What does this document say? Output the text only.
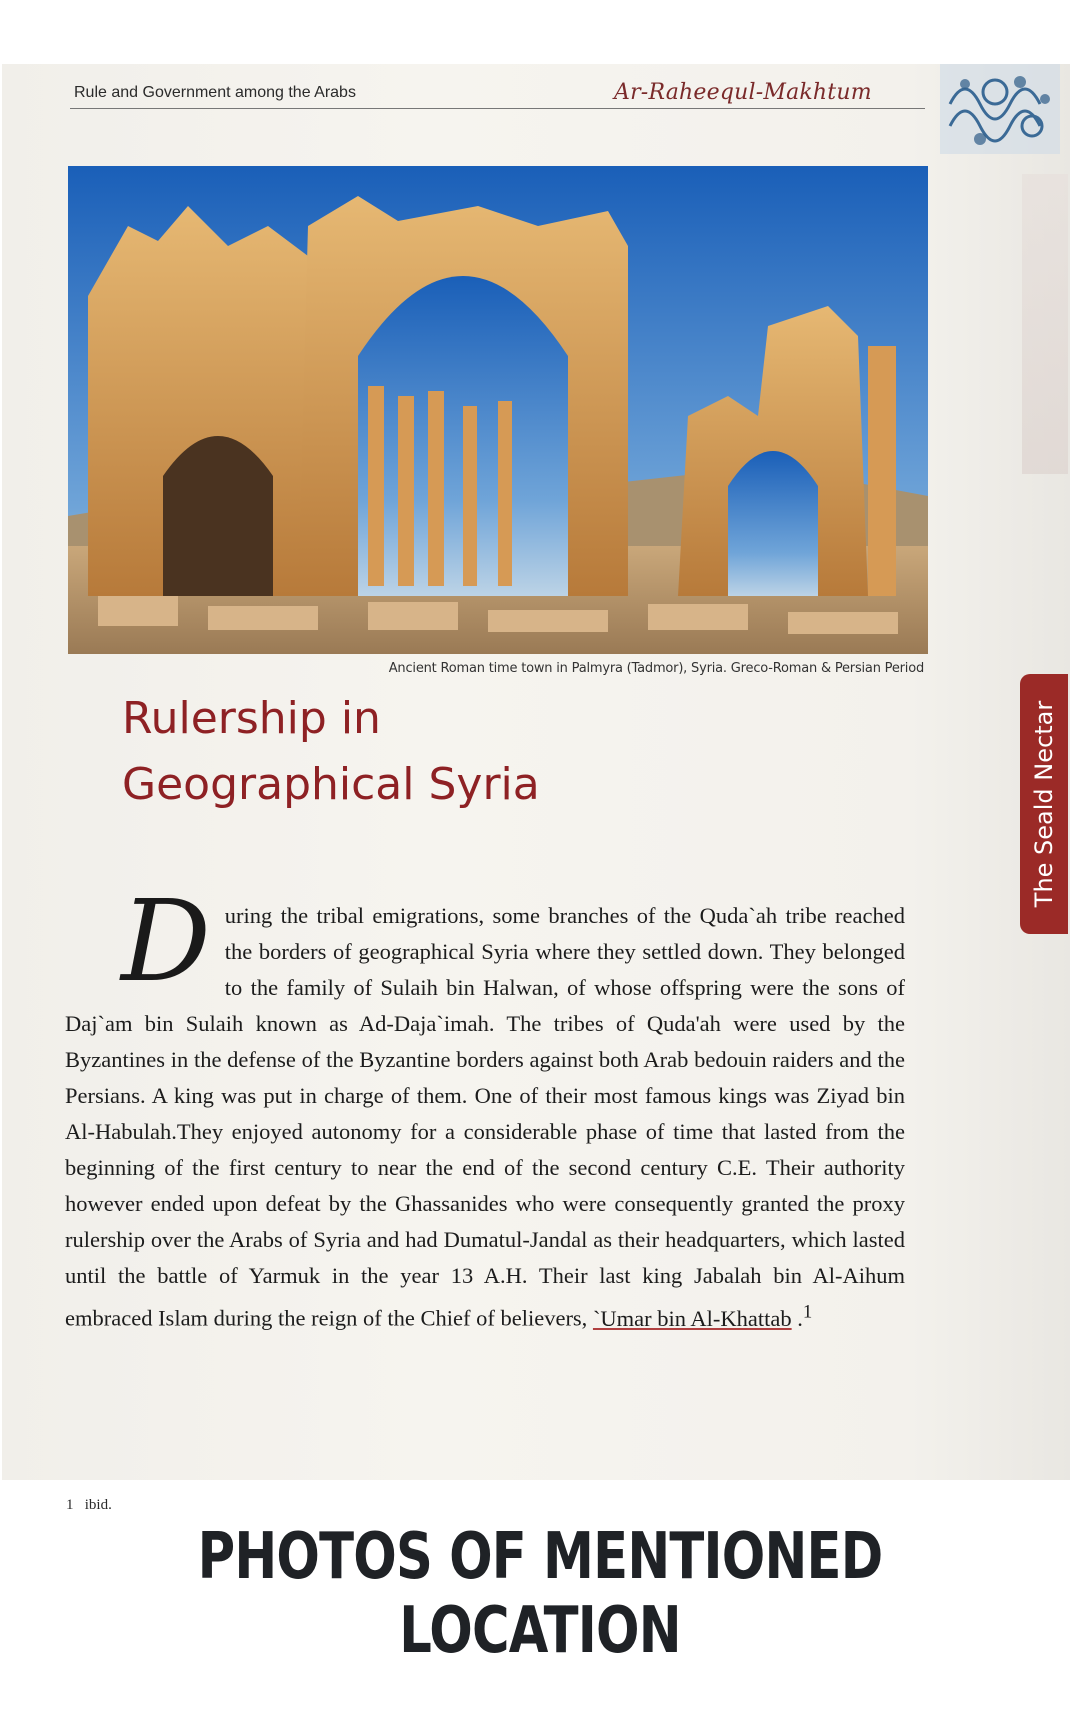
Rule and Government among the Arabs	Ar-Raheequl-Makhtum
Ancient Roman time town in Palmyra (Tadmor), Syria. Greco-Roman & Persian Period
Rulership in
Geographical Syria	The Seald Nectar

During the tribal emigrations, some branches of the Quda`ah tribe reached the borders of geographical Syria where they settled down. They belonged to the family of Sulaih bin Halwan, of whose offspring were the sons of Daj`am bin Sulaih known as Ad-Daja`imah. The tribes of Quda'ah were used by the Byzantines in the defense of the Byzantine borders against both Arab bedouin raiders and the Persians. A king was put in charge of them. One of their most famous kings was Ziyad bin Al-Habulah.They enjoyed autonomy for a considerable phase of time that lasted from the beginning of the first century to near the end of the second century C.E. Their authority however ended upon defeat by the Ghassanides who were consequently granted the proxy rulership over the Arabs of Syria and had Dumatul-Jandal as their headquarters, which lasted until the battle of Yarmuk in the year 13 A.H. Their last king Jabalah bin Al-Aihum embraced Islam during the reign of the Chief of believers, `Umar bin Al-Khattab .$^1$

1 ibid.
PHOTOS OF MENTIONED LOCATION
